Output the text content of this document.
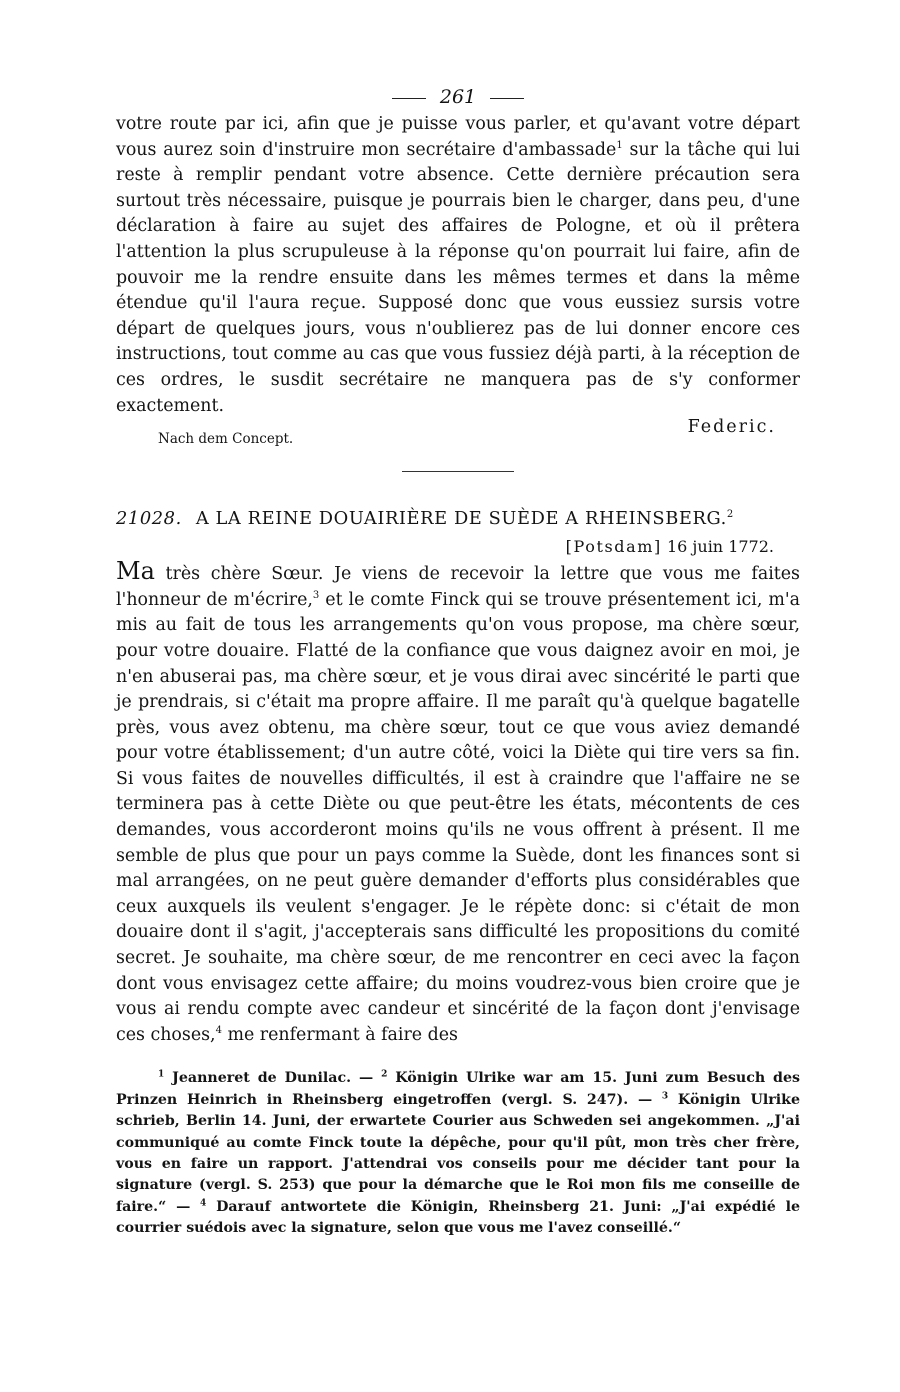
261

votre route par ici, afin que je puisse vous parler, et qu'avant votre départ vous aurez soin d'instruire mon secrétaire d'ambassade$^1$ sur la tâche qui lui reste à remplir pendant votre absence. Cette dernière précaution sera surtout très nécessaire, puisque je pourrais bien le charger, dans peu, d'une déclaration à faire au sujet des affaires de Pologne, et où il prêtera l'attention la plus scrupuleuse à la réponse qu'on pourrait lui faire, afin de pouvoir me la rendre ensuite dans les mêmes termes et dans la même étendue qu'il l'aura reçue. Supposé donc que vous eussiez sursis votre départ de quelques jours, vous n'oublierez pas de lui donner encore ces instructions, tout comme au cas que vous fussiez déjà parti, à la réception de ces ordres, le susdit secrétaire ne manquera pas de s'y conformer exactement.

Nach dem Concept.
Federic.
21028. A LA REINE DOUAIRIÈRE DE SUÈDE A RHEINSBERG.$^2$
[Potsdam] 16 juin 1772.

Ma très chère Sœur. Je viens de recevoir la lettre que vous me faites l'honneur de m'écrire,$^3$ et le comte Finck qui se trouve présentement ici, m'a mis au fait de tous les arrangements qu'on vous propose, ma chère sœur, pour votre douaire. Flatté de la confiance que vous daignez avoir en moi, je n'en abuserai pas, ma chère sœur, et je vous dirai avec sincérité le parti que je prendrais, si c'était ma propre affaire. Il me paraît qu'à quelque bagatelle près, vous avez obtenu, ma chère sœur, tout ce que vous aviez demandé pour votre établissement; d'un autre côté, voici la Diète qui tire vers sa fin. Si vous faites de nouvelles difficultés, il est à craindre que l'affaire ne se terminera pas à cette Diète ou que peut-être les états, mécontents de ces demandes, vous accorderont moins qu'ils ne vous offrent à présent. Il me semble de plus que pour un pays comme la Suède, dont les finances sont si mal arrangées, on ne peut guère demander d'efforts plus considérables que ceux auxquels ils veulent s'engager. Je le répète donc: si c'était de mon douaire dont il s'agit, j'accepterais sans difficulté les propositions du comité secret. Je souhaite, ma chère sœur, de me rencontrer en ceci avec la façon dont vous envisagez cette affaire; du moins voudrez-vous bien croire que je vous ai rendu compte avec candeur et sincérité de la façon dont j'envisage ces choses,$^4$ me renfermant à faire des

$^1$ Jeanneret de Dunilac. — $^2$ Königin Ulrike war am 15. Juni zum Besuch des Prinzen Heinrich in Rheinsberg eingetroffen (vergl. S. 247). — $^3$ Königin Ulrike schrieb, Berlin 14. Juni, der erwartete Courier aus Schweden sei angekommen. „J'ai communiqué au comte Finck toute la dépêche, pour qu'il pût, mon très cher frère, vous en faire un rapport. J'attendrai vos conseils pour me décider tant pour la signature (vergl. S. 253) que pour la démarche que le Roi mon fils me conseille de faire.“ — $^4$ Darauf antwortete die Königin, Rheinsberg 21. Juni: „J'ai expédié le courrier suédois avec la signature, selon que vous me l'avez conseillé.“
